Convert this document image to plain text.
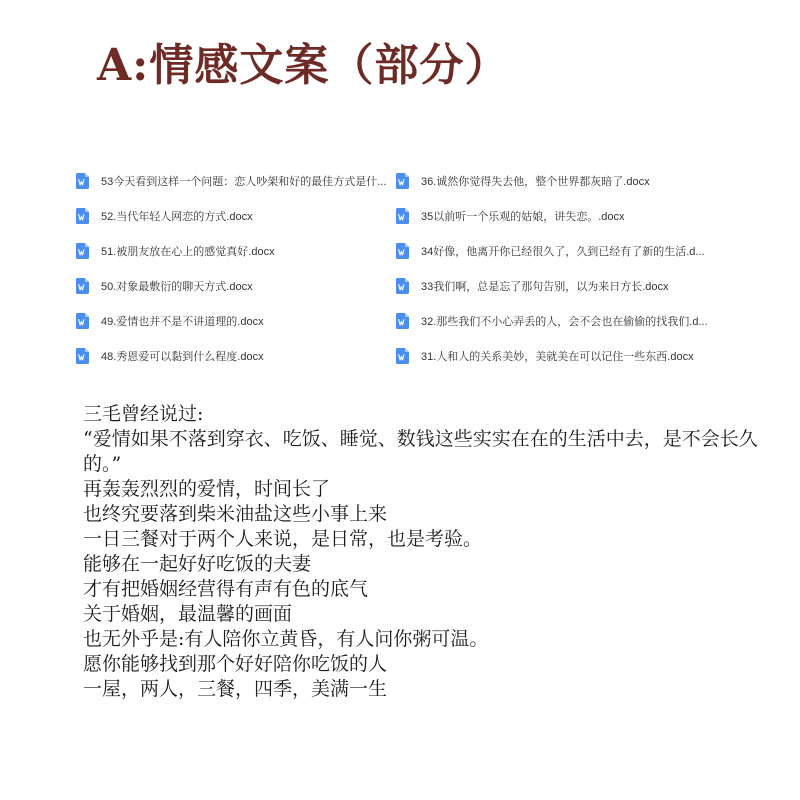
A:情感文案（部分）
53今天看到这样一个问题：恋人吵架和好的最佳方式是什...	36.诚然你觉得失去他，整个世界都灰暗了.docx
52.当代年轻人网恋的方式.docx	35以前听一个乐观的姑娘，讲失恋。.docx
51.被朋友放在心上的感觉真好.docx	34好像，他离开你已经很久了，久到已经有了新的生活.d...
50.对象最敷衍的聊天方式.docx	33我们啊，总是忘了那句告别，以为来日方长.docx
49.爱情也并不是不讲道理的.docx	32.那些我们不小心弄丢的人，会不会也在偷偷的找我们.d...
48.秀恩爱可以黏到什么程度.docx	31.人和人的关系美妙，美就美在可以记住一些东西.docx
三毛曾经说过:
“爱情如果不落到穿衣、吃饭、睡觉、数钱这些实实在在的生活中去，是不会长久的。”
再轰轰烈烈的爱情，时间长了
也终究要落到柴米油盐这些小事上来
一日三餐对于两个人来说，是日常，也是考验。
能够在一起好好吃饭的夫妻
才有把婚姻经营得有声有色的底气
关于婚姻，最温馨的画面
也无外乎是:有人陪你立黄昏，有人问你粥可温。
愿你能够找到那个好好陪你吃饭的人
一屋，两人，三餐，四季，美满一生
